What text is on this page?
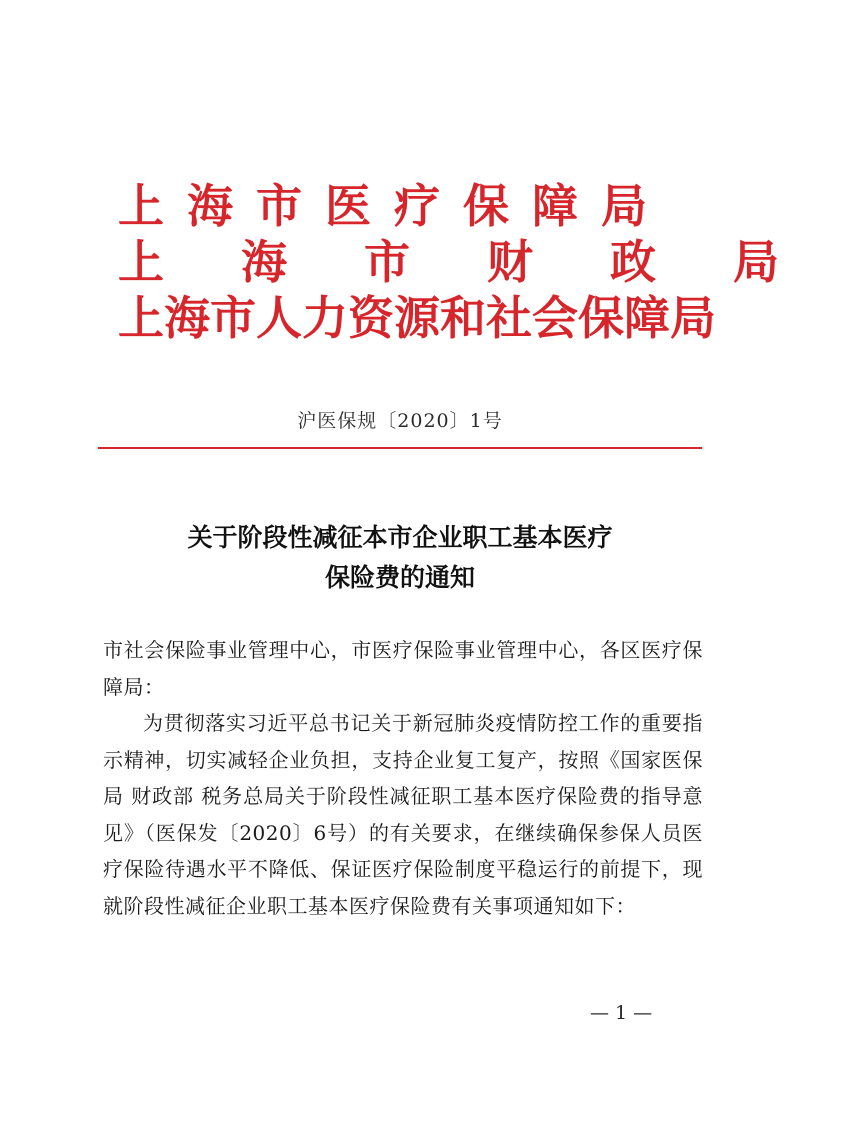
上海市医疗保障局
上海市财政局
上海市人力资源和社会保障局
沪医保规〔2020〕1号
关于阶段性减征本市企业职工基本医疗
保险费的通知

市社会保险事业管理中心，市医疗保险事业管理中心，各区医疗保障局：

为贯彻落实习近平总书记关于新冠肺炎疫情防控工作的重要指示精神，切实减轻企业负担，支持企业复工复产，按照《国家医保局 财政部 税务总局关于阶段性减征职工基本医疗保险费的指导意见》（医保发〔2020〕6号）的有关要求，在继续确保参保人员医疗保险待遇水平不降低、保证医疗保险制度平稳运行的前提下，现就阶段性减征企业职工基本医疗保险费有关事项通知如下：

— 1 —
